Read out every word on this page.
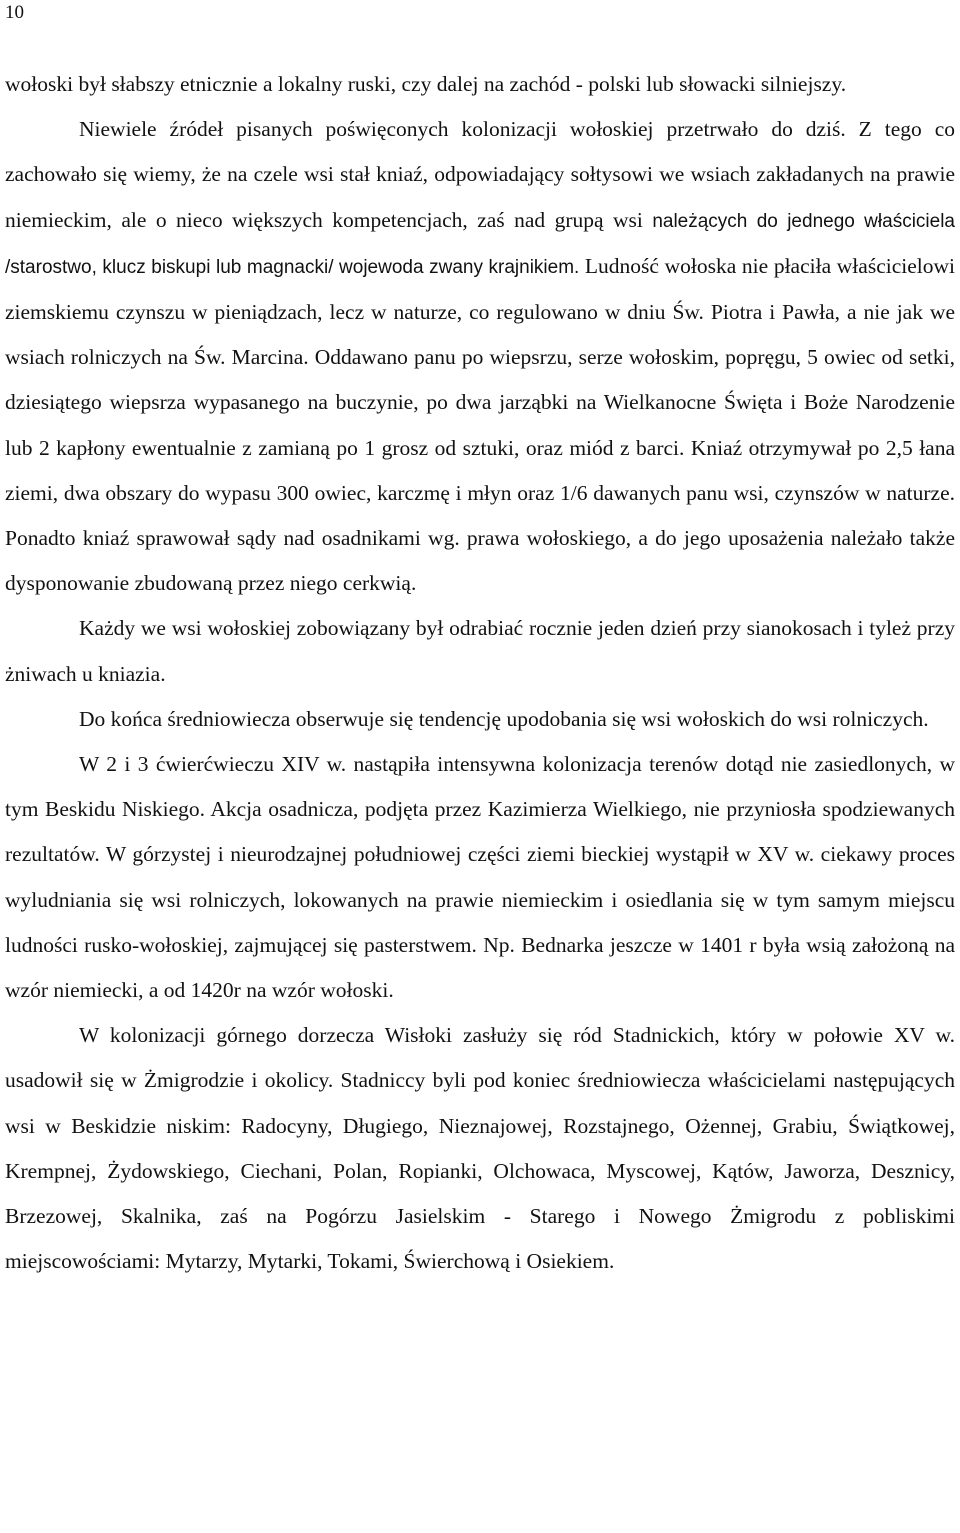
10

wołoski był słabszy etnicznie a lokalny ruski, czy dalej na zachód - polski lub słowacki silniejszy.

Niewiele źródeł pisanych poświęconych kolonizacji wołoskiej przetrwało do dziś. Z tego co zachowało się wiemy, że na czele wsi stał kniaź, odpowiadający sołtysowi we wsiach zakładanych na prawie niemieckim, ale o nieco większych kompetencjach, zaś nad grupą wsi należących do jednego właściciela /starostwo, klucz biskupi lub magnacki/ wojewoda zwany krajnikiem. Ludność wołoska nie płaciła właścicielowi ziemskiemu czynszu w pieniądzach, lecz w naturze, co regulowano w dniu Św. Piotra i Pawła, a nie jak we wsiach rolniczych na Św. Marcina. Oddawano panu po wiepsrzu, serze wołoskim, popręgu, 5 owiec od setki, dziesiątego wiepsrza wypasanego na buczynie, po dwa jarząbki na Wielkanocne Święta i Boże Narodzenie lub 2 kapłony ewentualnie z zamianą po 1 grosz od sztuki, oraz miód z barci. Kniaź otrzymywał po 2,5 łana ziemi, dwa obszary do wypasu 300 owiec, karczmę i młyn oraz 1/6 dawanych panu wsi, czynszów w naturze. Ponadto kniaź sprawował sądy nad osadnikami wg. prawa wołoskiego, a do jego uposażenia należało także dysponowanie zbudowaną przez niego cerkwią.

Każdy we wsi wołoskiej zobowiązany był odrabiać rocznie jeden dzień przy sianokosach i tyleż przy żniwach u kniazia.

Do końca średniowiecza obserwuje się tendencję upodobania się wsi wołoskich do wsi rolniczych.

W 2 i 3 ćwierćwieczu XIV w. nastąpiła intensywna kolonizacja terenów dotąd nie zasiedlonych, w tym Beskidu Niskiego. Akcja osadnicza, podjęta przez Kazimierza Wielkiego, nie przyniosła spodziewanych rezultatów. W górzystej i nieurodzajnej południowej części ziemi bieckiej wystąpił w XV w. ciekawy proces wyludniania się wsi rolniczych, lokowanych na prawie niemieckim i osiedlania się w tym samym miejscu ludności rusko-wołoskiej, zajmującej się pasterstwem. Np. Bednarka jeszcze w 1401 r była wsią założoną na wzór niemiecki, a od 1420r na wzór wołoski.

W kolonizacji górnego dorzecza Wisłoki zasłuży się ród Stadnickich, który w połowie XV w. usadowił się w Żmigrodzie i okolicy. Stadniccy byli pod koniec średniowiecza właścicielami następujących wsi w Beskidzie niskim: Radocyny, Długiego, Nieznajowej, Rozstajnego, Ożennej, Grabiu, Świątkowej, Krempnej, Żydowskiego, Ciechani, Polan, Ropianki, Olchowaca, Myscowej, Kątów, Jaworza, Desznicy, Brzezowej, Skalnika, zaś na Pogórzu Jasielskim - Starego i Nowego Żmigrodu z pobliskimi miejscowościami: Mytarzy, Mytarki, Tokami, Świerchową i Osiekiem.
